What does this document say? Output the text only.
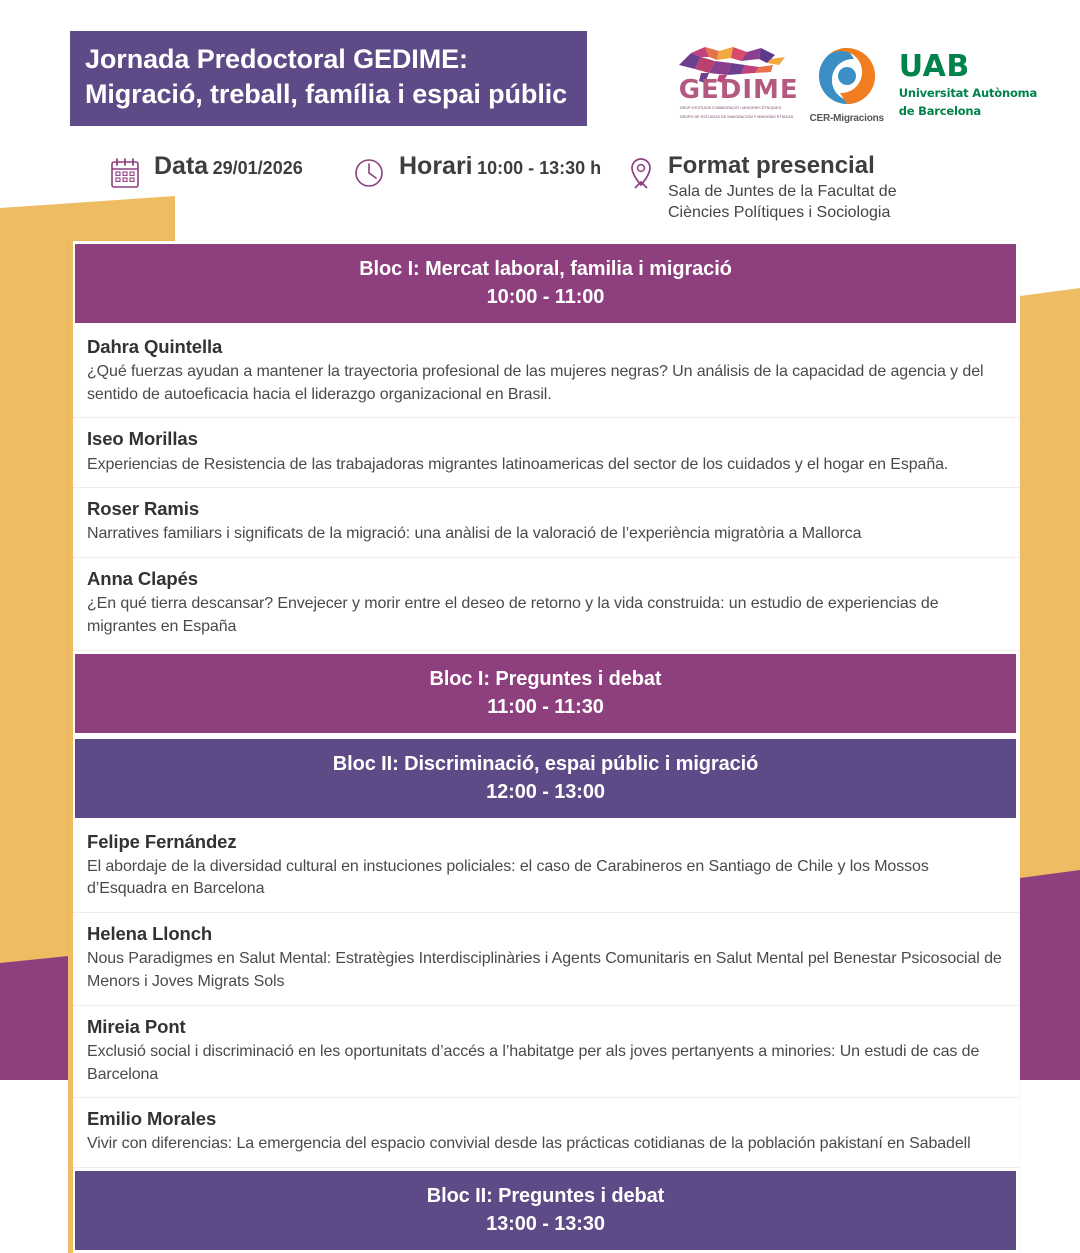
Jornada Predoctoral GEDIME:
Migració, treball, família i espai públic	GEDIME
GRUP D'ESTUDIS D'IMMIGRACIÓ I MINORIES ÈTNIQUES
GRUPO DE ESTUDIOS DE INMIGRACIÓN Y MINORÍAS ÉTNICAS CER-Migracions
UAB
Universitat Autònoma
de Barcelona
Data 29/01/2026	Horari 10:00 - 13:30 h	Format presencial
Sala de Juntes de la Facultat de
Ciències Polítiques i Sociologia
Bloc I: Mercat laboral, familia i migració
10:00 - 11:00
Dahra Quintella
¿Qué fuerzas ayudan a mantener la trayectoria profesional de las mujeres negras? Un análisis de la capacidad de agencia y del sentido de autoeficacia hacia el liderazgo organizacional en Brasil.
Iseo Morillas
Experiencias de Resistencia de las trabajadoras migrantes latinoamericas del sector de los cuidados y el hogar en España.
Roser Ramis
Narratives familiars i significats de la migració: una anàlisi de la valoració de l’experiència migratòria a Mallorca
Anna Clapés
¿En qué tierra descansar? Envejecer y morir entre el deseo de retorno y la vida construida: un estudio de experiencias de migrantes en España
Bloc I: Preguntes i debat
11:00 - 11:30
Bloc II: Discriminació, espai públic i migració
12:00 - 13:00
Felipe Fernández
El abordaje de la diversidad cultural en instuciones policiales: el caso de Carabineros en Santiago de Chile y los Mossos d’Esquadra en Barcelona
Helena Llonch
Nous Paradigmes en Salut Mental: Estratègies Interdisciplinàries i Agents Comunitaris en Salut Mental pel Benestar Psicosocial de Menors i Joves Migrats Sols
Mireia Pont
Exclusió social i discriminació en les oportunitats d’accés a l’habitatge per als joves pertanyents a minories: Un estudi de cas de Barcelona
Emilio Morales
Vivir con diferencias: La emergencia del espacio convivial desde las prácticas cotidianas de la población pakistaní en Sabadell
Bloc II: Preguntes i debat
13:00 - 13:30
